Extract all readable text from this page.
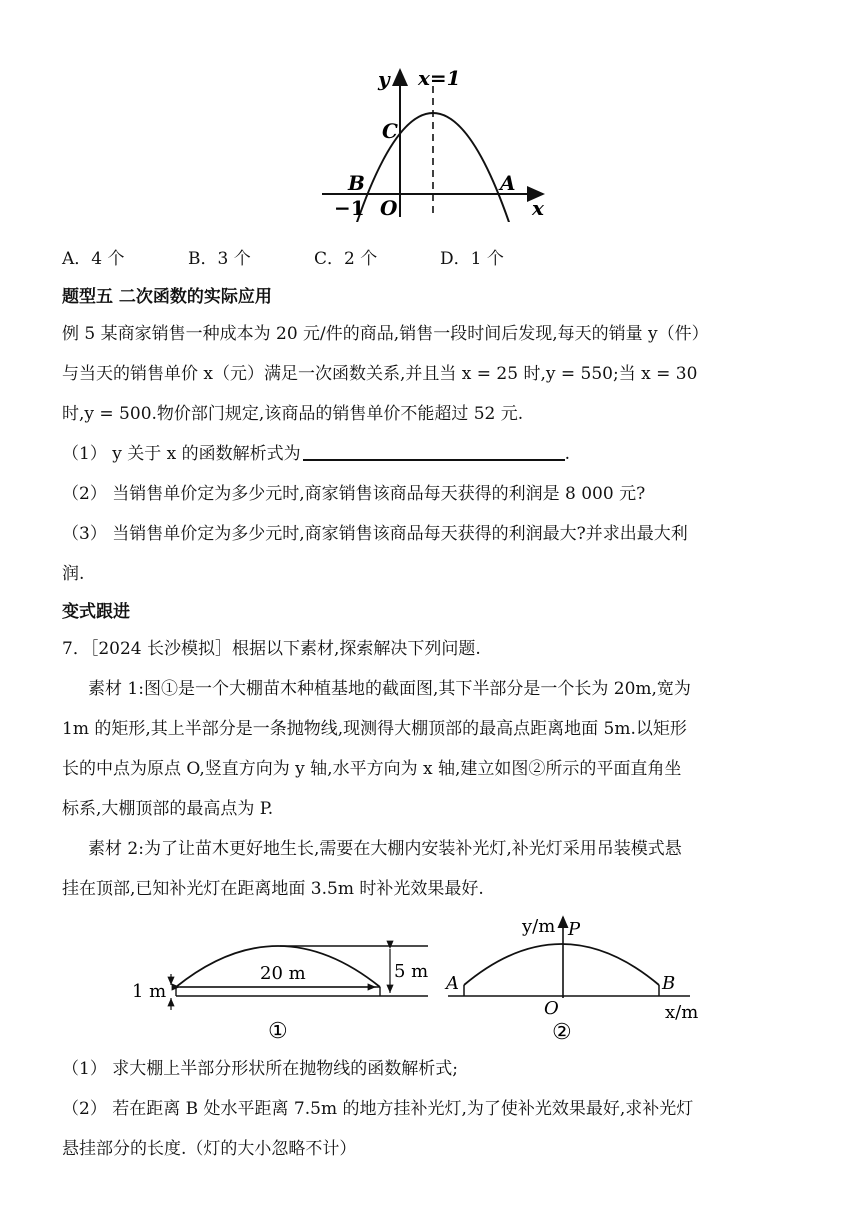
y x=1
C
B	A
−1 O	x
A．4 个	B．3 个	C．2 个	D．1 个
题型五 二次函数的实际应用
例 5 某商家销售一种成本为 20 元/件的商品,销售一段时间后发现,每天的销量 y（件）
与当天的销售单价 x（元）满足一次函数关系,并且当 x = 25 时,y = 550;当 x = 30
时,y = 500.物价部门规定,该商品的销售单价不能超过 52 元.
（1） y 关于 x 的函数解析式为	.
（2） 当销售单价定为多少元时,商家销售该商品每天获得的利润是 8 000 元?
（3） 当销售单价定为多少元时,商家销售该商品每天获得的利润最大?并求出最大利
润.
变式跟进
7．［2024 长沙模拟］根据以下素材,探索解决下列问题.
素材 1:图①是一个大棚苗木种植基地的截面图,其下半部分是一个长为 20m,宽为
1m 的矩形,其上半部分是一条抛物线,现测得大棚顶部的最高点距离地面 5m.以矩形
长的中点为原点 O,竖直方向为 y 轴,水平方向为 x 轴,建立如图②所示的平面直角坐
标系,大棚顶部的最高点为 P.
素材 2:为了让苗木更好地生长,需要在大棚内安装补光灯,补光灯采用吊装模式悬
挂在顶部,已知补光灯在距离地面 3.5m 时补光效果最好.
1 m
20 m	5 m
①
y/m P
A	B
O	x/m
②
（1） 求大棚上半部分形状所在抛物线的函数解析式;
（2） 若在距离 B 处水平距离 7.5m 的地方挂补光灯,为了使补光效果最好,求补光灯
悬挂部分的长度.（灯的大小忽略不计）
